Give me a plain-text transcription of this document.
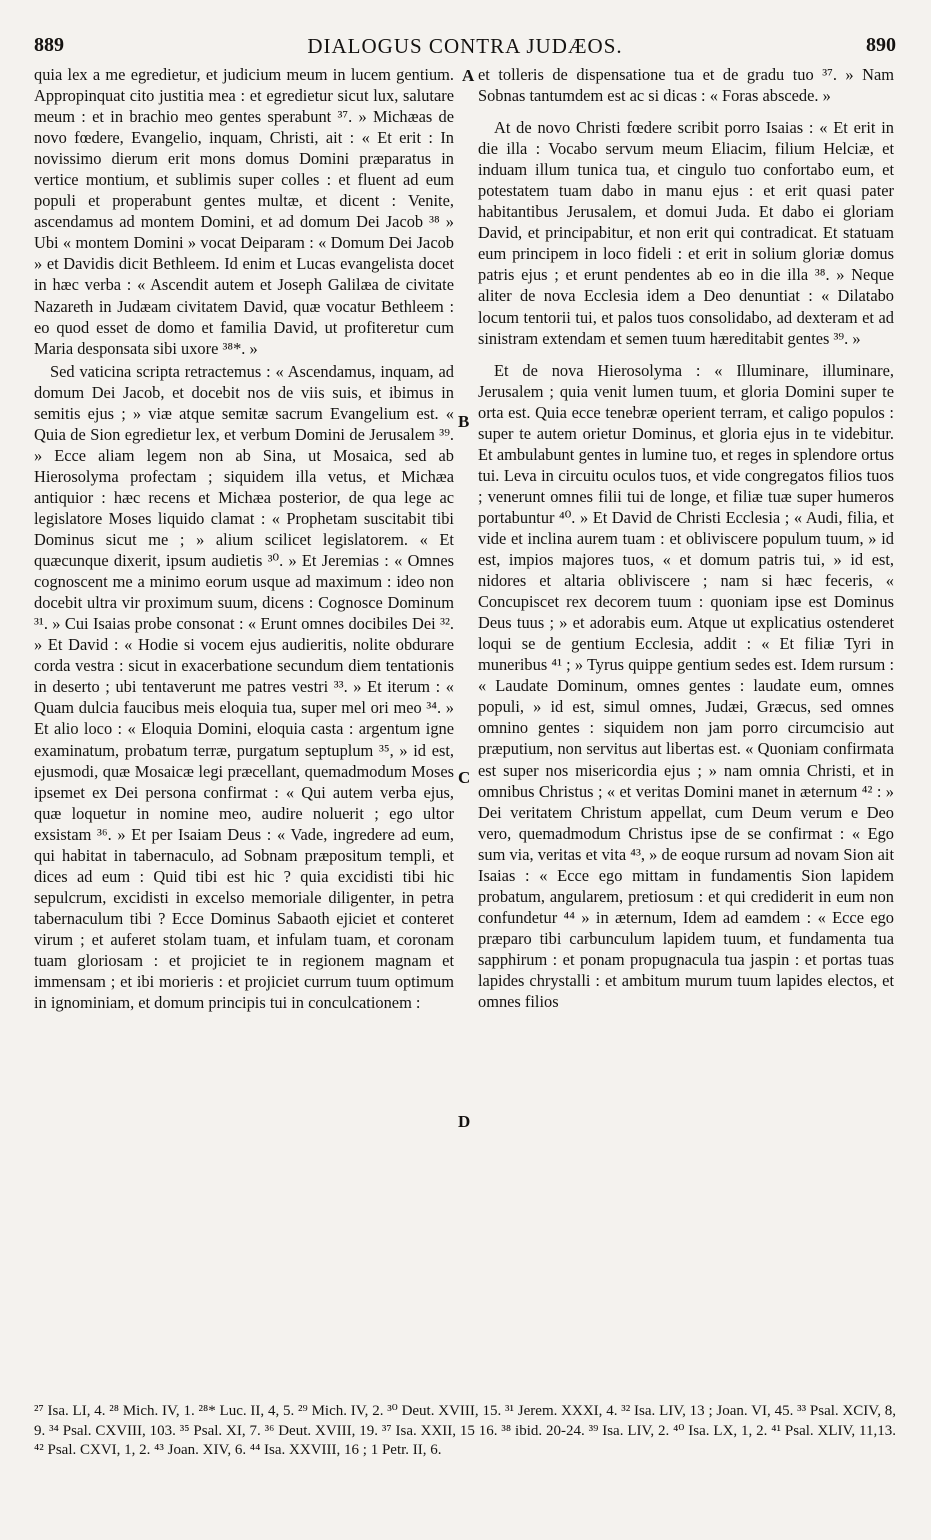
889	DIALOGUS CONTRA JUDÆOS.	890

quia lex a me egredietur, et judicium meum in lucem gentium. Appropinquat cito justitia mea : et egredietur sicut lux, salutare meum : et in brachio meo gentes sperabunt ³⁷. » Michæas de novo fœdere, Evangelio, inquam, Christi, ait : « Et erit : In novissimo dierum erit mons domus Domini præparatus in vertice montium, et sublimis super colles : et fluent ad eum populi et properabunt gentes multæ, et dicent : Venite, ascendamus ad montem Domini, et ad domum Dei Jacob ³⁸ » Ubi « montem Domini » vocat Deiparam : « Domum Dei Jacob » et Davidis dicit Bethleem. Id enim et Lucas evangelista docet in hæc verba : « Ascendit autem et Joseph Galilæa de civitate Nazareth in Judæam civitatem David, quæ vocatur Bethleem : eo quod esset de domo et familia David, ut profiteretur cum Maria desponsata sibi uxore ³⁸*. »

Sed vaticina scripta retractemus : « Ascendamus, inquam, ad domum Dei Jacob, et docebit nos de viis suis, et ibimus in semitis ejus ; » viæ atque semitæ sacrum Evangelium est. « Quia de Sion egredietur lex, et verbum Domini de Jerusalem ³⁹. » Ecce aliam legem non ab Sina, ut Mosaica, sed ab Hierosolyma profectam ; siquidem illa vetus, et Michæa antiquior : hæc recens et Michæa posterior, de qua lege ac legislatore Moses liquido clamat : « Prophetam suscitabit tibi Dominus sicut me ; » alium scilicet legislatorem. « Et quæcunque dixerit, ipsum audietis ³⁰. » Et Jeremias : « Omnes cognoscent me a minimo eorum usque ad maximum : ideo non docebit ultra vir proximum suum, dicens : Cognosce Dominum ³¹. » Cui Isaias probe consonat : « Erunt omnes docibiles Dei ³². » Et David : « Hodie si vocem ejus audieritis, nolite obdurare corda vestra : sicut in exacerbatione secundum diem tentationis in deserto ; ubi tentaverunt me patres vestri ³³. » Et iterum : « Quam dulcia faucibus meis eloquia tua, super mel ori meo ³⁴. » Et alio loco : « Eloquia Domini, eloquia casta : argentum igne examinatum, probatum terræ, purgatum septuplum ³⁵, » id est, ejusmodi, quæ Mosaicæ legi præcellant, quemadmodum Moses ipsemet ex Dei persona confirmat : « Qui autem verba ejus, quæ loquetur in nomine meo, audire noluerit ; ego ultor exsistam ³⁶. » Et per Isaiam Deus : « Vade, ingredere ad eum, qui habitat in tabernaculo, ad Sobnam præpositum templi, et dices ad eum : Quid tibi est hic ? quia excidisti tibi hic sepulcrum, excidisti in excelso memoriale diligenter, in petra tabernaculum tibi ? Ecce Dominus Sabaoth ejiciet et conteret virum ; et auferet stolam tuam, et infulam tuam, et coronam tuam gloriosam : et projiciet te in regionem magnam et immensam ; et ibi morieris : et projiciet currum tuum optimum in ignominiam, et domum principis tui in conculcationem :

A
B
C
D

et tolleris de dispensatione tua et de gradu tuo ³⁷. » Nam Sobnas tantumdem est ac si dicas : « Foras abscede. »

At de novo Christi fœdere scribit porro Isaias : « Et erit in die illa : Vocabo servum meum Eliacim, filium Helciæ, et induam illum tunica tua, et cingulo tuo confortabo eum, et potestatem tuam dabo in manu ejus : et erit quasi pater habitantibus Jerusalem, et domui Juda. Et dabo ei gloriam David, et principabitur, et non erit qui contradicat. Et statuam eum principem in loco fideli : et erit in solium gloriæ domus patris ejus ; et erunt pendentes ab eo in die illa ³⁸. » Neque aliter de nova Ecclesia idem a Deo denuntiat : « Dilatabo locum tentorii tui, et palos tuos consolidabo, ad dexteram et ad sinistram extendam et semen tuum hæreditabit gentes ³⁹. »

Et de nova Hierosolyma : « Illuminare, illuminare, Jerusalem ; quia venit lumen tuum, et gloria Domini super te orta est. Quia ecce tenebræ operient terram, et caligo populos : super te autem orietur Dominus, et gloria ejus in te videbitur. Et ambulabunt gentes in lumine tuo, et reges in splendore ortus tui. Leva in circuitu oculos tuos, et vide congregatos filios tuos ; venerunt omnes filii tui de longe, et filiæ tuæ super humeros portabuntur ⁴⁰. » Et David de Christi Ecclesia ; « Audi, filia, et vide et inclina aurem tuam : et obliviscere populum tuum, » id est, impios majores tuos, « et domum patris tui, » id est, nidores et altaria obliviscere ; nam si hæc feceris, « Concupiscet rex decorem tuum : quoniam ipse est Dominus Deus tuus ; » et adorabis eum. Atque ut explicatius ostenderet loqui se de gentium Ecclesia, addit : « Et filiæ Tyri in muneribus ⁴¹ ; » Tyrus quippe gentium sedes est. Idem rursum : « Laudate Dominum, omnes gentes : laudate eum, omnes populi, » id est, simul omnes, Judæi, Græcus, sed omnes omnino gentes : siquidem non jam porro circumcisio aut præputium, non servitus aut libertas est. « Quoniam confirmata est super nos misericordia ejus ; » nam omnia Christi, et in omnibus Christus ; « et veritas Domini manet in æternum ⁴² : » Dei veritatem Christum appellat, cum Deum verum e Deo vero, quemadmodum Christus ipse de se confirmat : « Ego sum via, veritas et vita ⁴³, » de eoque rursum ad novam Sion ait Isaias : « Ecce ego mittam in fundamentis Sion lapidem probatum, angularem, pretiosum : et qui crediderit in eum non confundetur ⁴⁴ » in æternum, Idem ad eamdem : « Ecce ego præparo tibi carbunculum lapidem tuum, et fundamenta tua sapphirum : et ponam propugnacula tua jaspin : et portas tuas lapides chrystalli : et ambitum murum tuum lapides electos, et omnes filios

²⁷ Isa. LI, 4. ²⁸ Mich. IV, 1. ²⁸* Luc. II, 4, 5. ²⁹ Mich. IV, 2. ³⁰ Deut. XVIII, 15. ³¹ Jerem. XXXI, 4. ³² Isa. LIV, 13 ; Joan. VI, 45. ³³ Psal. XCIV, 8, 9. ³⁴ Psal. CXVIII, 103. ³⁵ Psal. XI, 7. ³⁶ Deut. XVIII, 19. ³⁷ Isa. XXII, 15 16. ³⁸ ibid. 20-24. ³⁹ Isa. LIV, 2. ⁴⁰ Isa. LX, 1, 2. ⁴¹ Psal. XLIV, 11,13. ⁴² Psal. CXVI, 1, 2. ⁴³ Joan. XIV, 6. ⁴⁴ Isa. XXVIII, 16 ; 1 Petr. II, 6.
